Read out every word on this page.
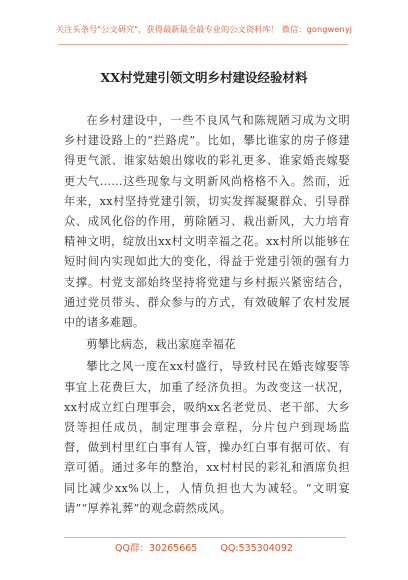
关注头条号"公文研究"，获得最新最全最专业的公文资料库！ 微信：gongwenyj
XX村党建引领文明乡村建设经验材料

在乡村建设中，一些不良风气和陈规陋习成为文明乡村建设路上的“拦路虎”。比如，攀比谁家的房子修建得更气派、谁家姑娘出嫁收的彩礼更多、谁家婚丧嫁娶更大气……这些现象与文明新风尚格格不入。然而，近年来，xx村坚持党建引领，切实发挥凝聚群众、引导群众、成风化俗的作用，剪除陋习、栽出新风，大力培育精神文明，绽放出xx村文明幸福之花。xx村所以能够在短时间内实现如此大的变化，得益于党建引领的强有力支撑。村党支部始终坚持将党建与乡村振兴紧密结合，通过党员带头、群众参与的方式，有效破解了农村发展中的诸多难题。

剪攀比病态，栽出家庭幸福花

攀比之风一度在xx村盛行，导致村民在婚丧嫁娶等事宜上花费巨大，加重了经济负担。为改变这一状况，xx村成立红白理事会，吸纳xx名老党员、老干部、大乡贤等担任成员，制定理事会章程，分片包户到现场监督，做到村里红白事有人管，操办红白事有据可依、有章可循。通过多年的整治，xx村村民的彩礼和酒席负担同比减少xx%以上，人情负担也大为减轻。“文明宴请”“厚养礼葬”的观念蔚然成风。

QQ群：30265665 QQ:535304092
